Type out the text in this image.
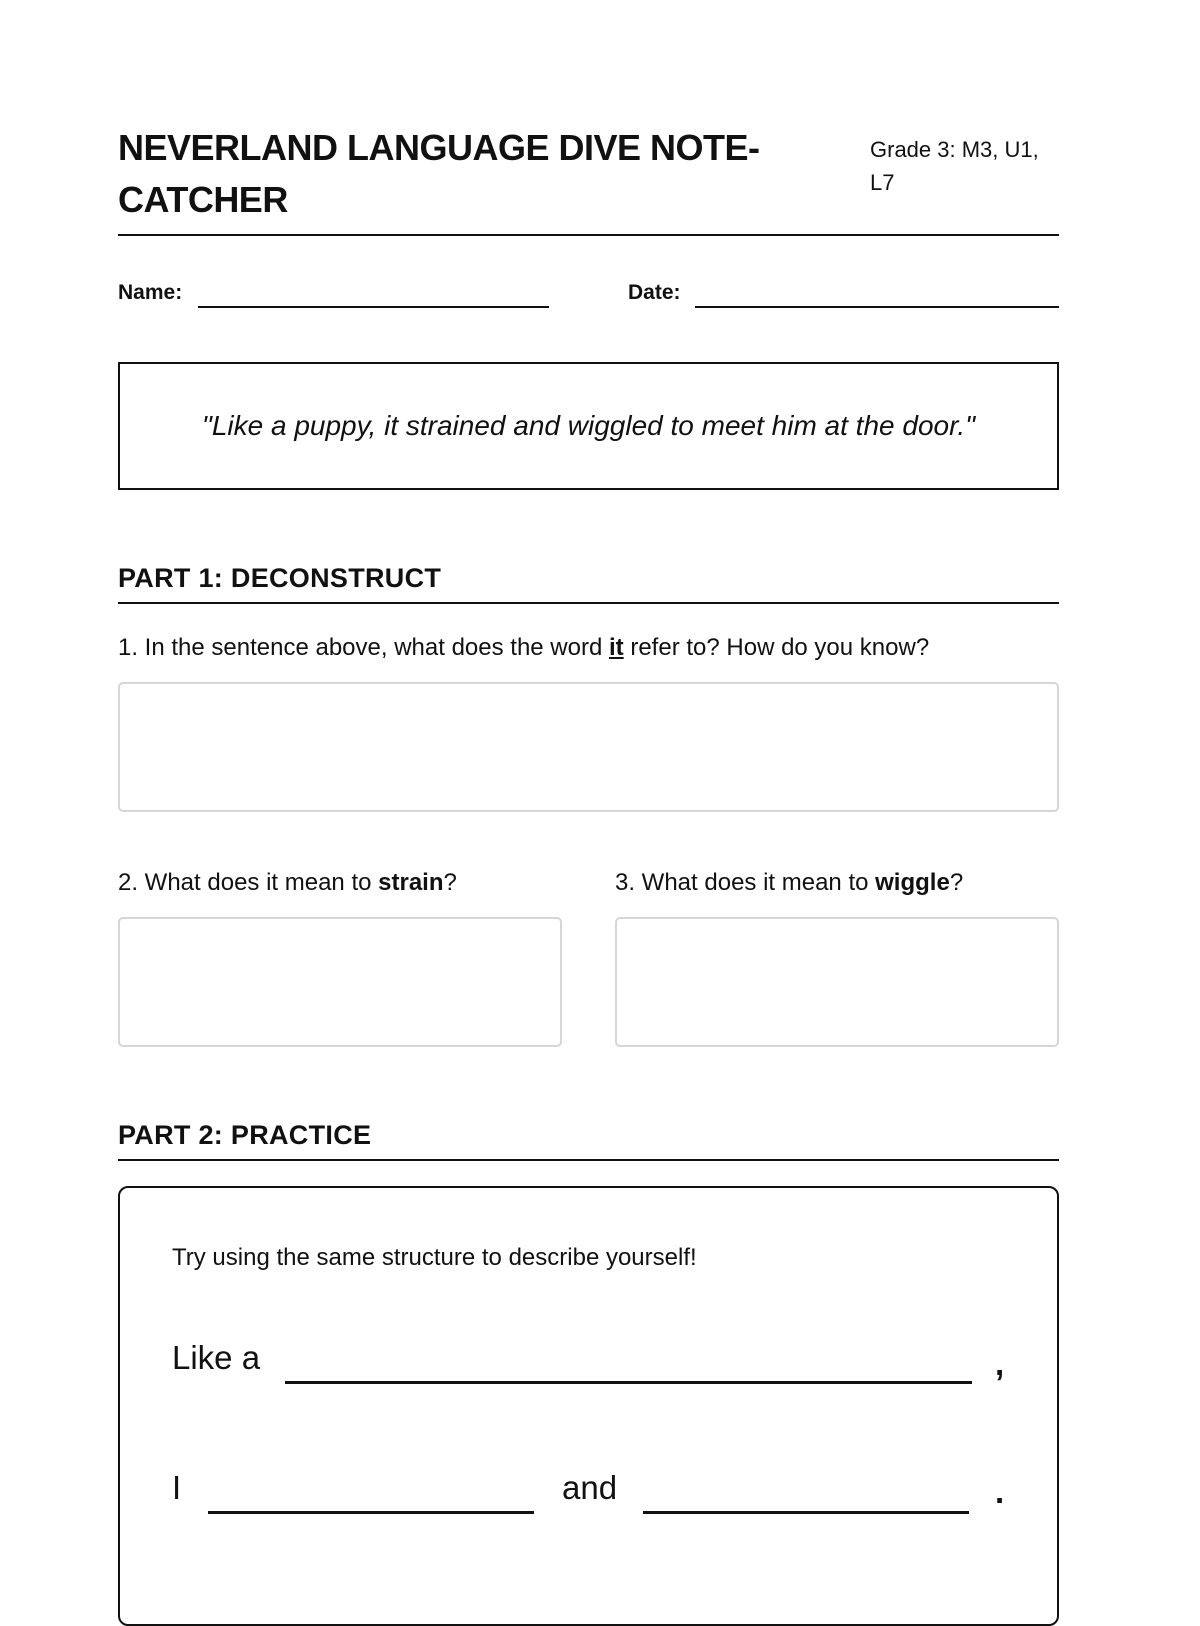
NEVERLAND LANGUAGE DIVE NOTE-CATCHER
Grade 3: M3, U1, L7
Name:	Date:
"Like a puppy, it strained and wiggled to meet him at the door."
PART 1: DECONSTRUCT
1. In the sentence above, what does the word it refer to? How do you know?
2. What does it mean to strain?	3. What does it mean to wiggle?
PART 2: PRACTICE
Try using the same structure to describe yourself!
Like a	,
I	and	.
